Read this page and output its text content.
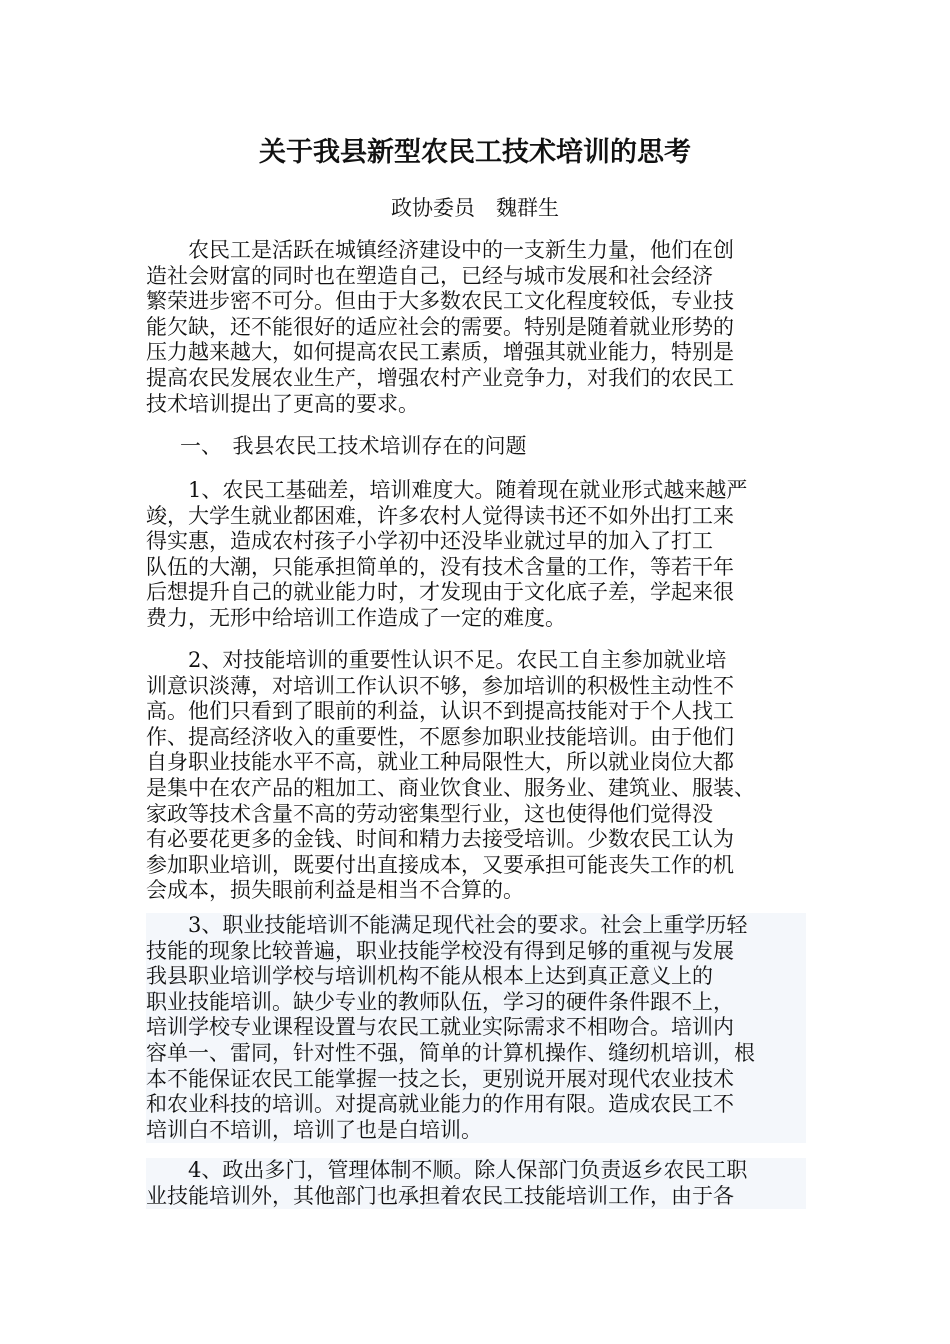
关于我县新型农民工技术培训的思考
政协委员　魏群生

　　农民工是活跃在城镇经济建设中的一支新生力量，他们在创
造社会财富的同时也在塑造自己，已经与城市发展和社会经济
繁荣进步密不可分。但由于大多数农民工文化程度较低，专业技
能欠缺，还不能很好的适应社会的需要。特别是随着就业形势的
压力越来越大，如何提高农民工素质，增强其就业能力，特别是
提高农民发展农业生产，增强农村产业竞争力，对我们的农民工
技术培训提出了更高的要求。

一、　我县农民工技术培训存在的问题

　　1、农民工基础差，培训难度大。随着现在就业形式越来越严
竣，大学生就业都困难，许多农村人觉得读书还不如外出打工来
得实惠，造成农村孩子小学初中还没毕业就过早的加入了打工
队伍的大潮，只能承担简单的，没有技术含量的工作，等若干年
后想提升自己的就业能力时，才发现由于文化底子差，学起来很
费力，无形中给培训工作造成了一定的难度。

　　2、对技能培训的重要性认识不足。农民工自主参加就业培
训意识淡薄，对培训工作认识不够，参加培训的积极性主动性不
高。他们只看到了眼前的利益，认识不到提高技能对于个人找工
作、提高经济收入的重要性，不愿参加职业技能培训。由于他们
自身职业技能水平不高，就业工种局限性大，所以就业岗位大都
是集中在农产品的粗加工、商业饮食业、服务业、建筑业、服装、
家政等技术含量不高的劳动密集型行业，这也使得他们觉得没
有必要花更多的金钱、时间和精力去接受培训。少数农民工认为
参加职业培训，既要付出直接成本，又要承担可能丧失工作的机
会成本，损失眼前利益是相当不合算的。

　　3、职业技能培训不能满足现代社会的要求。社会上重学历轻
技能的现象比较普遍，职业技能学校没有得到足够的重视与发展
我县职业培训学校与培训机构不能从根本上达到真正意义上的
职业技能培训。缺少专业的教师队伍，学习的硬件条件跟不上，
培训学校专业课程设置与农民工就业实际需求不相吻合。培训内
容单一、雷同，针对性不强，简单的计算机操作、缝纫机培训，根
本不能保证农民工能掌握一技之长，更别说开展对现代农业技术
和农业科技的培训。对提高就业能力的作用有限。造成农民工不
培训白不培训，培训了也是白培训。

　　4、政出多门，管理体制不顺。除人保部门负责返乡农民工职
业技能培训外，其他部门也承担着农民工技能培训工作，由于各
